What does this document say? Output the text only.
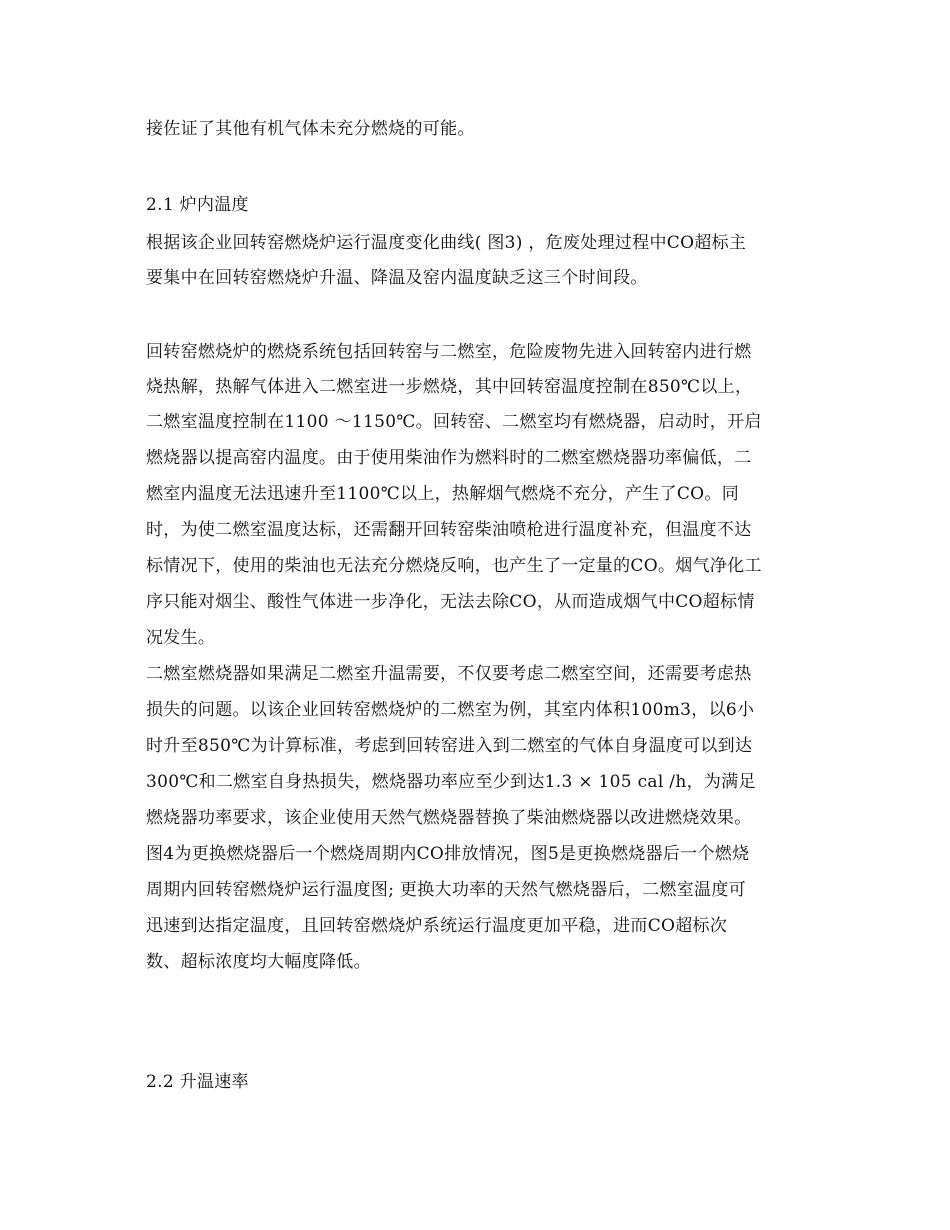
接佐证了其他有机气体未充分燃烧的可能。
2.1 炉内温度
根据该企业回转窑燃烧炉运行温度变化曲线( 图3) ，危废处理过程中CO超标主
要集中在回转窑燃烧炉升温、降温及窑内温度缺乏这三个时间段。
回转窑燃烧炉的燃烧系统包括回转窑与二燃室，危险废物先进入回转窑内进行燃
烧热解，热解气体进入二燃室进一步燃烧，其中回转窑温度控制在850℃以上，
二燃室温度控制在1100 ～1150℃。回转窑、二燃室均有燃烧器，启动时，开启
燃烧器以提高窑内温度。由于使用柴油作为燃料时的二燃室燃烧器功率偏低，二
燃室内温度无法迅速升至1100℃以上，热解烟气燃烧不充分，产生了CO。同
时，为使二燃室温度达标，还需翻开回转窑柴油喷枪进行温度补充，但温度不达
标情况下，使用的柴油也无法充分燃烧反响，也产生了一定量的CO。烟气净化工
序只能对烟尘、酸性气体进一步净化，无法去除CO，从而造成烟气中CO超标情
况发生。
二燃室燃烧器如果满足二燃室升温需要，不仅要考虑二燃室空间，还需要考虑热
损失的问题。以该企业回转窑燃烧炉的二燃室为例，其室内体积100m3，以6小
时升至850℃为计算标准，考虑到回转窑进入到二燃室的气体自身温度可以到达
300℃和二燃室自身热损失，燃烧器功率应至少到达1.3 × 105 cal /h，为满足
燃烧器功率要求，该企业使用天然气燃烧器替换了柴油燃烧器以改进燃烧效果。
图4为更换燃烧器后一个燃烧周期内CO排放情况，图5是更换燃烧器后一个燃烧
周期内回转窑燃烧炉运行温度图; 更换大功率的天然气燃烧器后，二燃室温度可
迅速到达指定温度，且回转窑燃烧炉系统运行温度更加平稳，进而CO超标次
数、超标浓度均大幅度降低。
2.2 升温速率
